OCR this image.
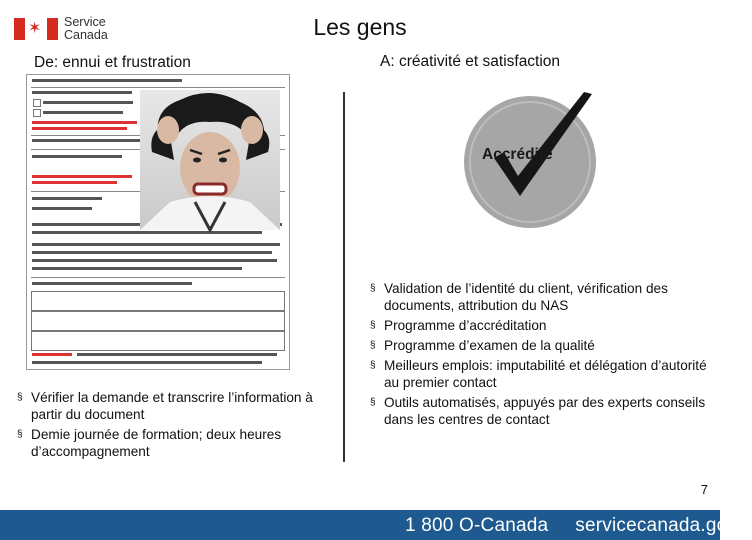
✶ Service
Canada	Les gens
De: ennui et frustration	A: créativité et satisfaction
Accrédité
§ Vérifier la demande et transcrire l’information à partir du document
§ Demie journée de formation; deux heures d’accompagnement
§ Validation de l’identité du client, vérification des documents, attribution du NAS
§ Programme d’accréditation
§ Programme d’examen de la qualité
§ Meilleurs emplois: imputabilité et délégation d’autorité au premier contact
§ Outils automatisés, appuyés par des experts conseils dans les centres de contact
7
1 800 O-Canada servicecanada.gc.ca
